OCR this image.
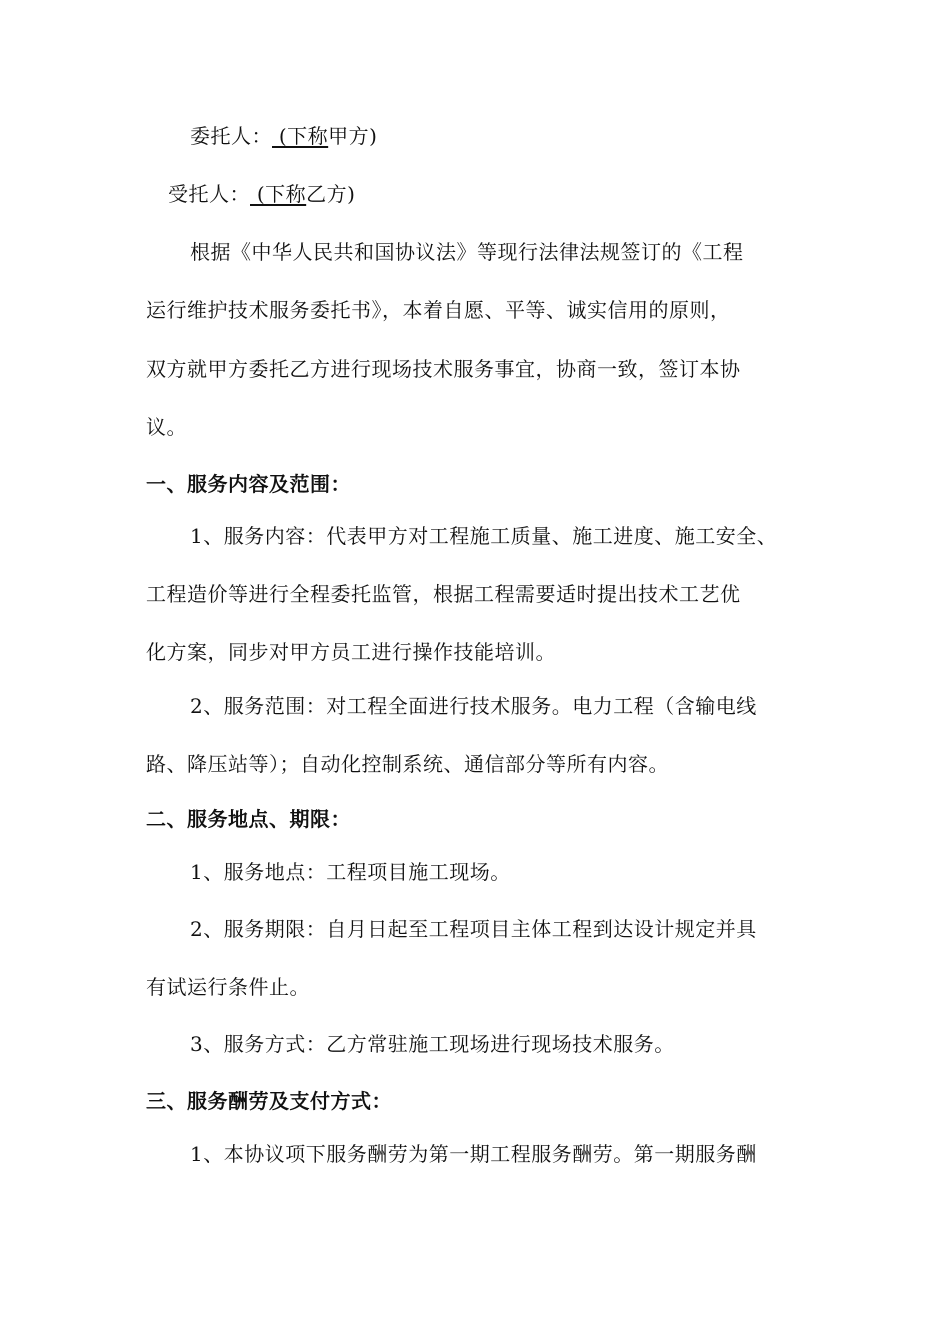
委托人： (下称甲方)
受托人： (下称乙方)
根据《中华人民共和国协议法》等现行法律法规签订的《工程
运行维护技术服务委托书》，本着自愿、平等、诚实信用的原则，
双方就甲方委托乙方进行现场技术服务事宜，协商一致，签订本协
议。
一、服务内容及范围：
1、服务内容：代表甲方对工程施工质量、施工进度、施工安全、
工程造价等进行全程委托监管，根据工程需要适时提出技术工艺优
化方案，同步对甲方员工进行操作技能培训。
2、服务范围：对工程全面进行技术服务。电力工程（含输电线
路、降压站等）；自动化控制系统、通信部分等所有内容。
二、服务地点、期限：
1、服务地点：工程项目施工现场。
2、服务期限：自月日起至工程项目主体工程到达设计规定并具
有试运行条件止。
3、服务方式：乙方常驻施工现场进行现场技术服务。
三、服务酬劳及支付方式：
1、本协议项下服务酬劳为第一期工程服务酬劳。第一期服务酬
